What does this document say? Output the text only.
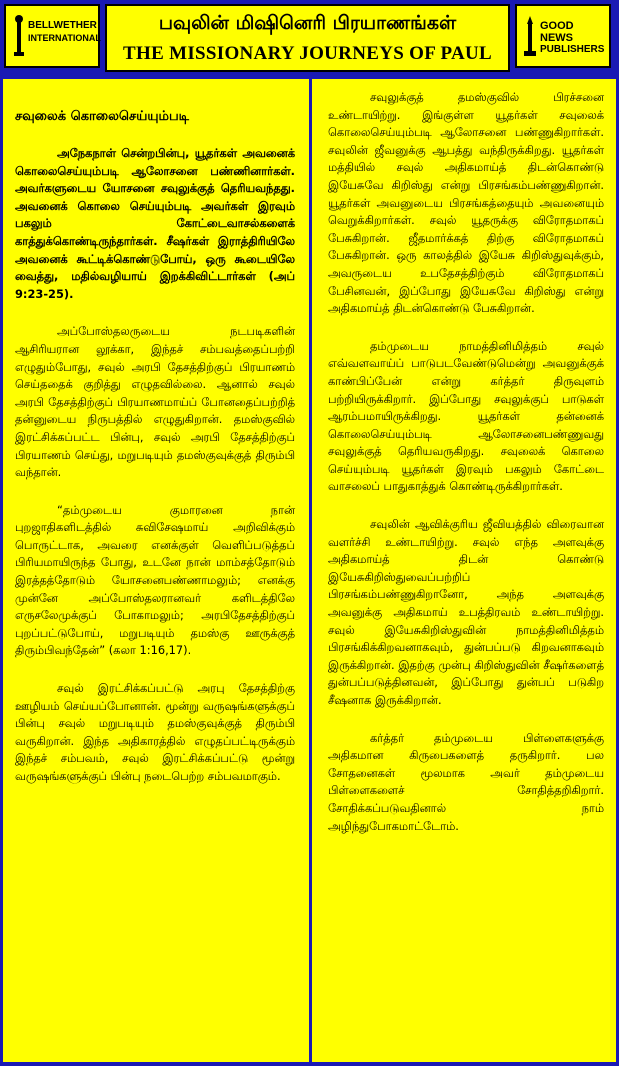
BELLWETHER
INTERNATIONAL
பவுலின் மிஷினெரி பிரயாணங்கள்
THE MISSIONARY JOURNEYS OF PAUL
GOOD NEWS
PUBLISHERS
சவுலைக் கொலைசெய்யும்படி

அநேகநாள் சென்றபின்பு, யூதர்கள் அவனைக் கொலைசெய்யும்படி ஆலோசனை பண்ணினார்கள். அவர்களுடைய யோசனை சவுலுக்குத் தெரியவந்தது. அவனைக் கொலை செய்யும்படி அவர்கள் இரவும் பகலும் கோட்டைவாசல்களைக் காத்துக்கொண்டிருந்தார்கள். சீஷர்கள் இராத்திரியிலே அவனைக் கூட்டிக்கொண்டுபோய், ஒரு கூடையிலே வைத்து, மதில்வழியாய் இறக்கிவிட்டார்கள் (அப் 9:23-25).

அப்போஸ்தலருடைய நடபடிகளின் ஆசிரியரான லூக்கா, இந்தச் சம்பவத்தைப்பற்றி எழுதும்போது, சவுல் அரபி தேசத்திற்குப் பிரயாணம் செய்ததைக் குறித்து எழுதவில்லை. ஆனால் சவுல் அரபி தேசத்திற்குப் பிரயாணமாய்ப் போனதைப்பற்றித் தன்னுடைய நிருபத்தில் எழுதுகிறான். தமஸ்குவில் இரட்சிக்கப்பட்ட பின்பு, சவுல் அரபி தேசத்திற்குப் பிரயாணம் செய்து, மறுபடியும் தமஸ்குவுக்குத் திரும்பி வந்தான்.

“தம்முடைய குமாரனை நான் புறஜாதிகளிடத்தில் சுவிசேஷமாய் அறிவிக்கும் பொருட்டாக, அவரை எனக்குள் வெளிப்படுத்தப் பிரியமாயிருந்த போது, உடனே நான் மாம்சத்தோடும் இரத்தத்தோடும் யோசனைபண்ணாமலும்; எனக்கு முன்னே அப்போஸ்தலரானவர் களிடத்திலே எருசலேமுக்குப் போகாமலும்; அரபிதேசத்திற்குப் புறப்பட்டுபோய், மறுபடியும் தமஸ்கு ஊருக்குத் திரும்பிவந்தேன்” (கலா 1:16,17).

சவுல் இரட்சிக்கப்பட்டு அரபு தேசத்திற்கு ஊழியம் செய்யப்போனான். மூன்று வருஷங்களுக்குப் பின்பு சவுல் மறுபடியும் தமஸ்குவுக்குத் திரும்பி வருகிறான். இந்த அதிகாரத்தில் எழுதப்பட்டிருக்கும் இந்தச் சம்பவம், சவுல் இரட்சிக்கப்பட்டு மூன்று வருஷங்களுக்குப் பின்பு நடைபெற்ற சம்பவமாகும்.

சவுலுக்குத் தமஸ்குவில் பிரச்சனை உண்டாயிற்று. இங்குள்ள யூதர்கள் சவுலைக் கொலைசெய்யும்படி ஆலோசனை பண்ணுகிறார்கள். சவுலின் ஜீவனுக்கு ஆபத்து வந்திருக்கிறது. யூதர்கள் மத்தியில் சவுல் அதிகமாய்த் திடன்கொண்டு இயேசுவே கிறிஸ்து என்று பிரசங்கம்பண்ணுகிறான். யூதர்கள் அவனுடைய பிரசங்கத்தையும் அவனையும் வெறுக்கிறார்கள். சவுல் யூதருக்கு விரோதமாகப் பேசுகிறான். ஜீதமார்க்கத் திற்கு விரோதமாகப் பேசுகிறான். ஒரு காலத்தில் இயேசு கிறிஸ்துவுக்கும், அவருடைய உபதேசத்திற்கும் விரோதமாகப் பேசினவன், இப்போது இயேசுவே கிறிஸ்து என்று அதிகமாய்த் திடன்கொண்டு பேசுகிறான்.

தம்முடைய நாமத்தினிமித்தம் சவுல் எவ்வளவாய்ப் பாடுபடவேண்டுமென்று அவனுக்குக் காண்பிப்பேன் என்று கர்த்தர் திருவுளம் பற்றியிருக்கிறார். இப்போது சவுலுக்குப் பாடுகள் ஆரம்பமாயிருக்கிறது. யூதர்கள் தன்னைக் கொலைசெய்யும்படி ஆலோசனைபண்ணுவது சவுலுக்குத் தெரியவருகிறது. சவுலைக் கொலை செய்யும்படி யூதர்கள் இரவும் பகலும் கோட்டை வாசலைப் பாதுகாத்துக் கொண்டிருக்கிறார்கள்.

சவுலின் ஆவிக்குரிய ஜீவியத்தில் விரைவான வளர்ச்சி உண்டாயிற்று. சவுல் எந்த அளவுக்கு அதிகமாய்த் திடன் கொண்டு இயேசுகிறிஸ்துவைப்பற்றிப் பிரசங்கம்பண்ணுகிறானோ, அந்த அளவுக்கு அவனுக்கு அதிகமாய் உபத்திரவம் உண்டாயிற்று. சவுல் இயேசுகிறிஸ்துவின் நாமத்தினிமித்தம் பிரசங்கிக்கிறவனாகவும், துன்பப்படு கிறவனாகவும் இருக்கிறான். இதற்கு முன்பு கிறிஸ்துவின் சீஷர்களைத் துன்பப்படுத்தினவன், இப்போது துன்பப் படுகிற சீஷனாக இருக்கிறான்.

கர்த்தர் தம்முடைய பிள்ளைகளுக்கு அதிகமான கிருபைகளைத் தருகிறார். பல சோதனைகள் மூலமாக அவர் தம்முடைய பிள்ளைகளைச் சோதித்தறிகிறார். சோதிக்கப்படுவதினால் நாம் அழிந்துபோகமாட்டோம்.
